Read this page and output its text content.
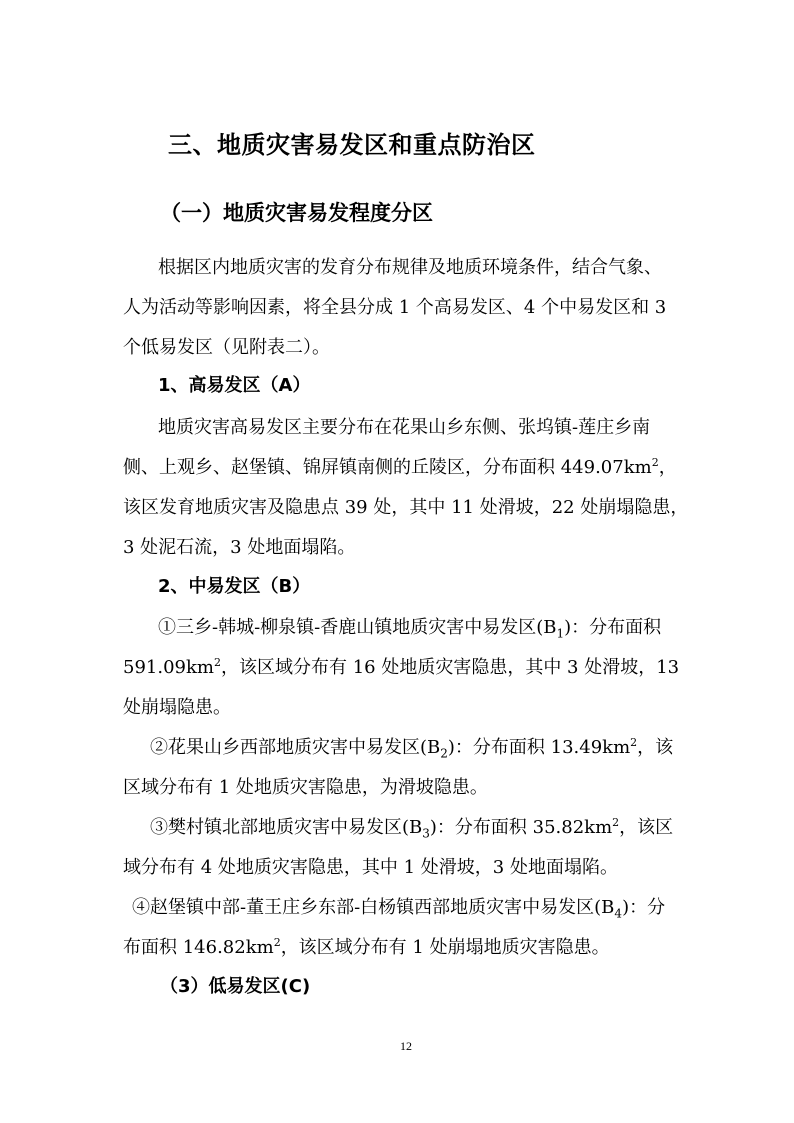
三、地质灾害易发区和重点防治区
（一）地质灾害易发程度分区
根据区内地质灾害的发育分布规律及地质环境条件，结合气象、
人为活动等影响因素，将全县分成 1 个高易发区、4 个中易发区和 3
个低易发区（见附表二）。
1、高易发区（A）
地质灾害高易发区主要分布在花果山乡东侧、张坞镇-莲庄乡南
侧、上观乡、赵堡镇、锦屏镇南侧的丘陵区，分布面积 $449.07km^2$，
该区发育地质灾害及隐患点 39 处，其中 11 处滑坡，22 处崩塌隐患，
3 处泥石流，3 处地面塌陷。
2、中易发区（B）
①三乡-韩城-柳泉镇-香鹿山镇地质灾害中易发区$(B_1)$：分布面积
$591.09km^2$，该区域分布有 16 处地质灾害隐患，其中 3 处滑坡，13
处崩塌隐患。
②花果山乡西部地质灾害中易发区$(B_2)$：分布面积 $13.49km^2$，该
区域分布有 1 处地质灾害隐患，为滑坡隐患。
③樊村镇北部地质灾害中易发区$(B_3)$：分布面积 $35.82km^2$，该区
域分布有 4 处地质灾害隐患，其中 1 处滑坡，3 处地面塌陷。
④赵堡镇中部-董王庄乡东部-白杨镇西部地质灾害中易发区$(B_4)$：分
布面积 $146.82km^2$，该区域分布有 1 处崩塌地质灾害隐患。
（3）低易发区(C)
12
